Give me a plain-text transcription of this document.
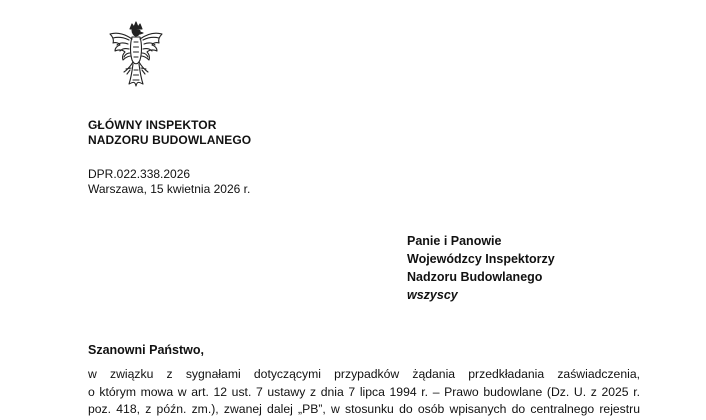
GŁÓWNY INSPEKTOR
NADZORU BUDOWLANEGO
DPR.022.338.2026
Warszawa, 15 kwietnia 2026 r.
Panie i Panowie
Wojewódzcy Inspektorzy
Nadzoru Budowlanego
wszyscy
Szanowni Państwo,
w związku z sygnałami dotyczącymi przypadków żądania przedkładania zaświadczenia,
o którym mowa w art. 12 ust. 7 ustawy z dnia 7 lipca 1994 r. – Prawo budowlane (Dz. U. z 2025 r.
poz. 418, z późn. zm.), zwanej dalej „PB”, w stosunku do osób wpisanych do centralnego rejestru
